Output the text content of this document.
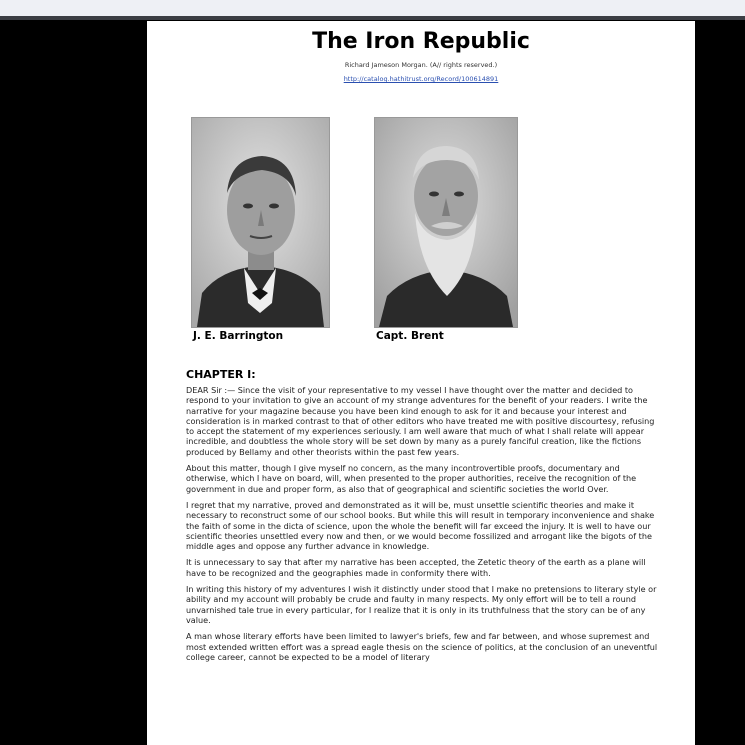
The Iron Republic
Richard Jameson Morgan. (A// rights reserved.)
http://catalog.hathitrust.org/Record/100614891
J. E. Barrington	Capt. Brent
CHAPTER I:

DEAR Sir :— Since the visit of your representative to my vessel I have thought over the matter and decided to respond to your invitation to give an account of my strange adventures for the benefit of your readers. I write the narrative for your magazine because you have been kind enough to ask for it and because your interest and consideration is in marked contrast to that of other editors who have treated me with positive discourtesy, refusing to accept the statement of my experiences seriously. I am well aware that much of what I shall relate will appear incredible, and doubtless the whole story will be set down by many as a purely fanciful creation, like the fictions produced by Bellamy and other theorists within the past few years.

About this matter, though I give myself no concern, as the many incontrovertible proofs, documentary and otherwise, which I have on board, will, when presented to the proper authorities, receive the recognition of the government in due and proper form, as also that of geographical and scientific societies the world Over.

I regret that my narrative, proved and demonstrated as it will be, must unsettle scientific theories and make it necessary to reconstruct some of our school books. But while this will result in temporary inconvenience and shake the faith of some in the dicta of science, upon the whole the benefit will far exceed the injury. It is well to have our scientific theories unsettled every now and then, or we would become fossilized and arrogant like the bigots of the middle ages and oppose any further advance in knowledge.

It is unnecessary to say that after my narrative has been accepted, the Zetetic theory of the earth as a plane will have to be recognized and the geographies made in conformity there with.

In writing this history of my adventures I wish it distinctly under stood that I make no pretensions to literary style or ability and my account will probably be crude and faulty in many respects. My only effort will be to tell a round unvarnished tale true in every particular, for I realize that it is only in its truthfulness that the story can be of any value.

A man whose literary efforts have been limited to lawyer's briefs, few and far between, and whose supremest and most extended written effort was a spread eagle thesis on the science of politics, at the conclusion of an uneventful college career, cannot be expected to be a model of literary
